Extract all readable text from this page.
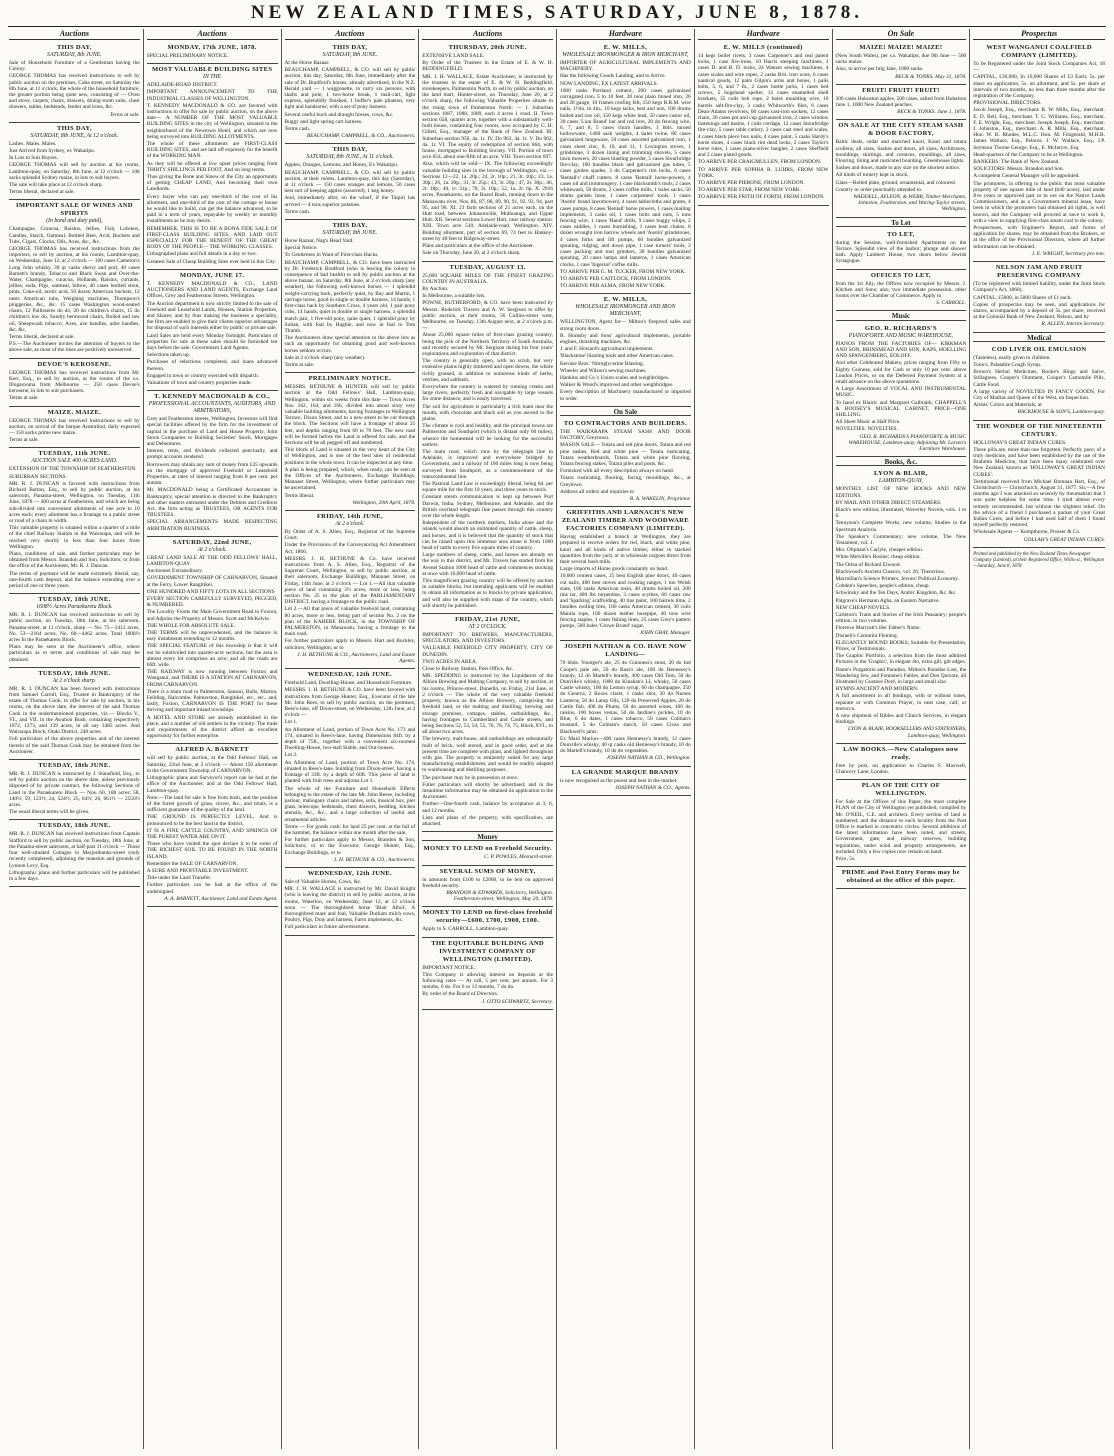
NEW ZEALAND TIMES, SATURDAY, JUNE 8, 1878.
Auctions
THIS DAY,
SATURDAY, 8th JUNE.

Sale of Household Furniture of a Gentleman having the Colony.

GEORGE THOMAS has received instructions to sell by public auction on the premises, Cuba street, on Saturday the 8th June, at 11 o'clock, the whole of the household furniture, the greater portion being quite new, consisting of — Oven and stove, carpets, chairs, drawers, dining-room suite, chest drawers, tables, bedsteads, fender and irons, &c.

Terms at sale.

THIS DAY,
SATURDAY, 8th JUNE, At 12 o'clock.

Ladies. Males. Males.

Just Arrived from Sydney, ex Wakatipu.

In Lots to Suit Buyers.

GEORGE THOMAS will sell by auction at his rooms, Lambton-quay, on Saturday, 8th June, at 12 o'clock — 108 sacks splendid Sydney maize, in lots to suit buyers.

The sale will take place at 12 o'clock sharp.

Terms liberal, declared at sale.

IMPORTANT SALE OF WINES AND SPIRITS
(In bond and duty paid),

Champagne, Curacoa, Raisins, Jellies, Fish, Lobsters, Candles, Starch, Oatmeal, Bottled Beer, Acid, Buckets and Tubs, Cigars, Clocks, Oils, Axes, &c., &c.

GEORGE THOMAS has received instructions from the importers, to sell by auction, at his rooms, Lambton-quay, on Wednesday, June 12, at 2 o'clock — 100 cases Cameron's Long John whisky, 30 qr casks sherry and port, 40 cases Barnett's brandy, Tobacco and Black Swan and Over-the-Water, Champagne, curacoa, Hollands, Raisins, currants, jellies, soda, Pigs, oatmeal, biltow, 40 cases bottled stout, pints, Coke-oil, acetic acid, 50 dozen American buckets, 12 nests American tubs, Weighing machines, Thompson's pinggeries, &c., &c. 15 cases Washington wood-seated chairs, 12 Pallisseres do do, 20 do children's chairs, 15 do children's low do, Sundry bentwood chairs, Boiled and raw oil, Sheepwash tobacco, Axes, axe handles, adze handles, &c. &c.

Terms liberal, declared at sale.

P.S.—The Auctioneer invites the attention of buyers to the above sale, as most of the lines are positively unreserved.

DEVOE'S KEROSENE.

GEORGE THOMAS has received instructions from Mr. Kerr, Esq., to sell by auction, at the rooms of the s.s. Illogarooma from Melbourne — 250 cases Devoe's kerosene, in lots to suit purchasers.

Terms at sale.

MAIZE. MAIZE.

GEORGE THOMAS has received instructions to sell by auction, on arrival of the barque Australind, daily expected — 150 sacks prime new maize.

Terms at sale.

TUESDAY, 11th JUNE.
AUCTION SALE 400 ACRES LAND.

EXTENSION OF THE TOWNSHIP OF FEATHERSTON.

SUBURBAN SECTIONS.

MR. R. J. DUNCAN is favored with instructions from Richard Barton, Esq., to sell by public auction, at his saleroom, Panama-street, Wellington, on Tuesday, 11th June, 1878 — 400 acres at Featherston, and which are being sub-divided into convenient allotments of one acre to 10 acres each; every allotment has a frontage to a public street or road of a chain in width.

This valuable property is situated within a quarter of a mile of the chief Railway Station in the Wairarapa, and will be reached very shortly in less than four hours from Wellington.

Plans, conditions of sale, and further particulars may be obtained from Messrs. Brandon and Son, Solicitors; or from the office of the Auctioneer, Mr. R. J. Duncan.

The terms of payment will be made extremely liberal, say, one-fourth cash deposit, and the balance extending over a period of one or three years.

TUESDAY, 18th JUNE.
1608½ Acres Paraekaretu Block.

MR. R. J. DUNCAN has received instructions to sell by public auction, on Tuesday, 18th June, at his saleroom, Panama-street, at 11 o'clock, sharp — No. 75—3412 acres, No. 53—2164 acres, No. 60—4462 acres. Total 1608½ acres In the Paraekaretu Block.

Plans may be seen at the Auctioneer's office, where particulars as to terms and conditions of sale may be obtained.

TUESDAY, 18th JUNE.
At 2 o'clock sharp.

MR. R. J. DUNCAN has been favored with instructions from Samuel Carroll, Esq., Trustee in Bankruptcy of the estate of Thomas Cook, to offer for sale by auction, in his rooms, on the above date, the interest of the said Thomas Cook in the undermentioned properties, viz.— Blocks V., VI., and VII. in the Awahou Bush, containing respectively 1072, 1273, and 139 acres, in all say 1485 acres. And Wairarapa Block, Otaki District, 240 acres.

Full particulars of the above properties and of the interest therein of the said Thomas Cook may be obtained from the Auctioneer.

TUESDAY, 18th JUNE.

MR. R. J. DUNCAN is instructed by J. Stansfield, Esq., to sell by public auction on the above date, unless previously disposed of by private contract, the following Sections of Land in the Paraekaretu Block — Nos. 60, 188 acres; 58, 140½; 59, 123½; 24, 524½; 25, 64½; 26, 661½ — 2550½ acres.

The usual liberal terms will be given.

TUESDAY, 18th JUNE.

MR. R. J. DUNCAN has received instructions from Captain Stafford to sell by public auction, on Tuesday, 18th June, at the Panama-street saleroom, at half-past 11 o'clock — Those four well-situated Cottages in Marjoribanks-street (only recently completed), adjoining the mansion and grounds of Lynnon Levy, Esq.

Lithographic plans and further particulars will be published in a few days.

Auctions
MONDAY, 17th JUNE, 1878.

SPECIAL PRELIMINARY NOTICE.

MOST VALUABLE BUILDING SITES
IN THE

ADELAIDE-ROAD DISTRICT.

IMPORTANT ANNOUNCEMENT TO THE INDUSTRIAL CLASSES OF WELLINGTON.

T. KENNEDY MACDONALD & CO. are favored with instructions to offer for sale by public auction, on the above date— A NUMBER OF THE MOST VALUABLE BUILDING SITES in the city of Wellington, situated in the neighborhood of the Newtown Hotel, and which are now being surveyed into BUILDING ALLOTMENTS.

The whole of these allotments are FIRST-CLASS BUILDING SITES, and are laid off expressly for the benefit of the WORKING MAN.

As they will be offered at low upset prices ranging from THIRTY SHILLINGS PER FOOT, And on long terms.

Thus giving the Bone and Sinew of the City an opportunity of getting CHEAP LAND, And becoming their own Landlords.

Every buyer who can pay one-third of the cost of his allotment, and one-third of the cost of the cottage or house he would like to build, can get the balance advanced, to be paid in a term of years, repayable by weekly or monthly installments as he may desire.

REMEMBER, THIS IS TO BE A BONA FIDE SALE OF FIRST-CLASS BUILDING SITES, AND LAID OUT ESPECIALLY FOR THE BENEFIT OF THE GREAT BODY OF THE PEOPLE— THE WORKING CLASSES.

Lithographed plans and full details in a day or two.

Greatest Sale of Cheap Building Sites ever held in this City.

MONDAY, JUNE 17.

T. KENNEDY MACDONALD & CO., LAND AUCTIONEERS AND LAND AGENTS, Exchange Land Offices, Grey and Featherston Streets, Wellington.

The Auction department is now strictly limited to the sale of Freehold and Leasehold Lands, Houses, Station Properties, and Shares; and by thus making the business a speciality, the firm are enabled to give their clients superior advantages for disposal of such interests either by public or private sale.

Land Sales are held every Monday fortnight. Particulars of properties for sale at these sales should be furnished ten days before the sale. Government Land Agents.

Selections taken up.

Purchases of selections completed, and loans advanced thereon.

Engaged in town or country executed with dispatch.

Valuations of town and country properties made.

T. KENNEDY MACDONALD & CO.,
PROFESSIONAL ACCOUNTANTS, AUDITORS, AND ARBITRATORS,

Grey and Featherston streets, Wellington. Investors will find special facilities offered by the firm for the investment of capital in the purchase of Land and House Property, Joint Stock Companies or Building Societies' Stock, Mortgages and Debentures.

Interest, rents, and dividends collected punctually, and prompt accounts rendered.

Borrowers may obtain any sum of money from £25 upwards on the mortgage of approved Freehold or Leasehold Properties, at rates of interest ranging from 8 per cent. per annum.

Mr. MACDONALD being a Certificated Accountant in Bankruptcy, special attention is directed to the Bankruptcy and other matters entrusted under the Debtors and Creditors Act, the firm acting as TRUSTEES, OR AGENTS FOR TRUSTEES.

SPECIAL ARRANGEMENTS MADE RESPECTING ARBITRATION BUSINESS.

SATURDAY, 22nd JUNE,
At 2 o'clock.

GREAT LAND SALE AT THE ODD FELLOWS' HALL, LAMBTON-QUAY.

Auctioneer Extraordinary.

GOVERNMENT TOWNSHIP OF CARNARVON, Situated at the Ferry, Lower Rangitikei.

ONE HUNDRED AND FIFTY LOTS IN ALL SECTIONS

EVERY SECTION CAREFULLY SURVEYED, PEGGED, & NUMBERED.

The Locality Fronts the Main Government Road to Foxton, and Adjoins the Property of Messrs. Scott and McKelvie.

THE WHOLE FOR ABSOLUTE SALE.

THE TERMS will be unprecedented, and the balance in easy instalments extending to 12 months.

THE SPECIAL FEATURE of this township is that it will not be subdivided into quarter-acre sections, but the area is almost every lot comprises an acre; and all the roads are 66ft. wide.

THE RAILWAY is now running between Foxton and Wanganui, and THERE IS A STATION AT CARNARVON, FROM CARNARVON.

There is a main road to Palmerston, Sanson, Bulls, Marton, Feilding, Halcombe, Palmerston, Rangitikei, etc., etc., and, lastly, Foxton, CARNARVON IS THE PORT for these thriving and important inland townships.

A HOTEL AND STORE are already established in the place, and a number of old settlers in the vicinity. The trade and requirements of the district afford an excellent opportunity for further enterprise.

ALFRED A. BARNETT

will sell by public auction, at the Odd Fellows' Hall, on Saturday, 22nd June, at 2 o'clock — About 150 allotments in the Government Township of CARNARVON.

Lithographic plans and Surveyor's report can be had at the office of the Auctioneer, and at the Odd Fellows' Hall, Lambton-quay.

Note.—The land for sale is free from bush, and the position of the forest growth of grass, clover, &c., and totals, is a sufficient guarantee of the quality of the land.

THE GROUND IS PERFECTLY LEVEL, And is pronounced to be the best land in the district.

IT IS A FINE CATTLE COUNTRY, AND SPRINGS OF THE PUREST WATER ARE ON IT.

Those who have visited the spot declare it to be some of THE RICHEST SOIL TO BE FOUND IN THE NORTH ISLAND.

Remember the SALE OF CARNARVON.

A SURE AND PROFITABLE INVESTMENT.

Title under the Land Transfer.

Further particulars can be had at the office of the undersigned.

A. A. BARNETT, Auctioneer, Land and Estate Agent.

Auctions
THIS DAY,
SATURDAY, 8th JUNE.

At the Horse Bazaar.

BEAUCHAMP, CAMPBELL, & CO. will sell by public auction, this day, Saturday, 8th June, immediately after the sale of Dr. Bradford's horses, already advertised, in the N.Z. Herald yard — 1 waggonette, to carry six persons, with shafts and pole, 1 two-horse break, 1 mail-cart, light express, splendidly finished, 1 buffer's pale phaeton, very light and handsome, with a set of pony harness.

Several useful buck and draught horses, cows, &c.

Buggy and light spring cart harness.

Terms cash.

BEAUCHAMP, CAMPBELL, & CO., Auctioneers.

THIS DAY,
SATURDAY, 8th JUNE, At 11 o'clock.

Apples, Oranges, Lemons, and Honey, Ex Wakatipu.

BEAUCHAMP, CAMPBELL, & CO. will sell by public auction, at their rooms, Lambton-quay, this day (Saturday), at 11 o'clock — 150 cases oranges and lemons, 50 cases best sort of keeping apples (assorted), 1 keg honey.

And, immediately after, on the wharf, if the Taipiri has arrived — 4 tons superior potatoes.

Terms cash.

THIS DAY,
SATURDAY, 8th JUNE.

Horse Bazaar, Nag's Head Yard.

Special Notice.

To Gentlemen in Want of First-class Hacks.

BEAUCHAMP, CAMPBELL, & CO. have been instructed by Dr. Frederick Bradford (who is leaving the colony in consequence of bad health) to sell by public auction at the above bazaar, on Saturday, 8th June, at 2 o'clock sharp (any weather), the following well-known horses — 1 splendid weight-carrying hack, perfectly quiet, by Bay and Martin, 1 carriage horse, good in single or double harness, 14 hands, 1 first-class hack by Southern Cross, 4 years old, 1 pair pony cobs, 14 hands, quiet in double or single harness, a splendid match pair, 1 five-old pony, quite quiet, 1 splendid pony by Sultan, with foal by Hughie, and now in foal to Tom Thumb.

The Auctioneers draw special attention to the above lots as such an opportunity for obtaining good and well-known horses seldom occurs.

Sale at 2 o'clock sharp (any weather).

Terms at sale.

PRELIMINARY NOTICE.

MESSRS. BETHUNE & HUNTER will sell by public auction at the Odd Fellows' Hall, Lambton-quay, Wellington, within six weeks from this date — Town Acres Nos. 162, 164, and 166, divided into about sixty very valuable building allotments, having frontages to Wellington Terrace, Dixon Street, and to a new street to be cut through the block. The Sections will have a frontage of about 25 feet, and depths ranging from 60 to 70 feet. The new road will be formed before the Land is offered for sale, and the Sections will be all pegged off and numbered.

This block of Land is situated in the very heart of the City of Wellington, and is one of the best sites of residential positions in the whole town. It can be inspected at any time.

A plan is being prepared, which, when ready, can be seen at the Offices of the Auctioneers, Exchange Buildings, Mannaer Street, Wellington, where further particulars may be ascertained.

Terms liberal.

Wellington, 20th April, 1878.

FRIDAY, 14th JUNE,
At 2 o'clock.

By Order of A. S. Allen, Esq., Registrar of the Supreme Court.

Under the Provisions of the Conveyancing Act Amendment Act, 1866.

MESSRS. J. H. BETHUNE & Co. have received instructions from A. S. Allen, Esq., Registrar of the Supreme Court, Wellington, to sell by public auction, at their saleroom, Exchange Buildings, Mannaer Street, on Friday, 14th June, at 2 o'clock — Lot 1.—All that valuable piece of land containing 3½ acres, more or less, being section No. 25 in the plan of the PARLIAMENTARY DISTRICT, having a frontage to the public road.

Lot 2.—All that piece of valuable freehold land, containing 80 acres, more or less, being part of section No. 2 on the plan of the KAHERE BLOCK, in the TOWNSHIP OF PALMERSTON, in Manawatu, having a frontage to the main road.

For further particulars apply to Messrs. Hart and Buckley, solicitors, Wellington; or to

J. H. BETHUNE & CO., Auctioneers, Land and Estate Agents.

WEDNESDAY, 12th JUNE.

Freehold Land, Dwelling-House, and Household Furniture.

MESSRS. J. H. BETHUNE & CO. have been favored with instructions from George Hunter, Esq., Executor of the late Mr. John Rees, to sell by public auction, on the premises, Rees's-lane, off Dixon-street, on Wednesday, 12th June, at 2 o'clock —

Lot 1.

An Allotment of Land, portion of Town Acre No. 173 and 174, situated in Rees's-lane, having Dimensions 84ft. by a depth of 75ft., together with a convenient six-roomed Dwelling-House, two-stall Stable, and Out-houses.

Lot 2.

An Allotment of Land, portion of Town Acre No. 174, situated in Rees's-lane, building from Dixon-street, having a frontage of 33ft. by a depth of 60ft. This piece of land is planted with fruit trees and adjoins Lot 1.

The whole of the Furniture and Household Effects belonging to the estate of the late Mr. John Reese, including parlour, mahogany chairs and tables, sofa, musical box, pier glass, telescope, bedsteads, chest drawers, bedding, kitchen utensils, &c., &c., and a large collection of useful and ornamental articles.

Terms — For goods cash; for land 25 per cent. at the fall of the hammer, the balance within one month after the sale.

For further particulars apply to Messrs. Brandon & Son, Solicitors; or to the Executor, George Hunter, Esq., Exchange Buildings, or to

J. H. BETHUNE & CO., Auctioneers.

WEDNESDAY, 12th JUNE.

Sale of Valuable Horses, Cows, &c.

MR. J. H. WALLACE is instructed by Mr. David Knight (who is leaving the district) to sell by public auction, at his rooms, Waterloo, on Wednesday, June 12, at 12 o'clock noon — The thoroughbred horse 'Blair Athol', A thoroughbred mare and foal, Valuable Durham milch cows, Poultry, Pigs, Dray and harness, Farm implements, &c.

Full particulars in future advertisement.

Auctions
THURSDAY, 20th JUNE.

EXTENSIVE LAND SALE.

By Order of the Trustees in the Estate of E. & W. H. BEDDINGFIELD.

MR. J. H. WALLACE, Estate Auctioneer, is instructed by the trustees in the estate of E. & W. H. Beddingfield, storekeepers, Palmerston North, to sell by public auction, on the land mart, Hunter-street, on Thursday, June 20, at 2 o'clock sharp, the following Valuable Properties situate in the rising town of Palmerston North: — I. Suburban sections 1087, 1088, 1089, each 4 acres 1 rood. II. Town section 658, quarter acre, together with a substantially well-built house, containing four rooms, now occupied by C. H. Gillett, Esq., manager of the Bank of New Zealand. III. Suburban section 950, 4a. 1r. IV. Do 963, 4a. 1r. V. Do 962, 4a. 1r. VI. The equity of redemption of section 664, with house, mortgaged to Building Society. VII. Portion of town acre 654, about one-fifth of an acre. VIII. Town section 697.

Also, which will be sold— IX. The following exceedingly valuable building sites in the borough of Wellington, viz.— Sections 12—22, 1a. 20p.; 24, 2r. 10p.; 21, 3r. 10p.; 23, 1a. 30p.; 26, 1a. 20p.; 31, 3r. 25p.; 43, 3r. 20p.; 47, 2r. 36p.; 46, 2r. 18p.; 40, 1r. 31p.; 70, 3r. 10p.; 52, 1a. 2r. 6p. X. 2916 acres, Paraekaretu, on the Board Bush, running down to the Manawatu river, Nos. 86, 87, 88, 89, 90, 91, 92, 93, 94, part 95, and 96. XI. 23 farm sections of 21 acres each, on the Hutt road, between Johnsonville, Mulhuanga, and Upper Hutt. XII. Several sections Lower Hutt, near railway station. XIII. Town acre 510, Adelaide-road, Wellington. XIV. Building allotment, part of section 69, 74 feet to Hankey-street by 40 feet to Ridgeway-street.

Plans and particulars at the office of the Auctioneer.

Sale on Thursday, June 20, at 2 o'clock sharp.

TUESDAY, AUGUST 13.

25,000 SQUARE MILES OF THE FINEST GRAZING COUNTRY IN AUSTRALIA.

By Auction.

In Melbourne, a suitable lots.

POWNE, RUTHERFORD, & CO. have been instructed by Messrs. Roderick Travers and A. W. Sergison to offer by public auction, at their rooms, 56 Collins-street west, Melbourne, on Tuesday, 13th August next, at 2 o'clock p.m.—

About 25,000 square miles of first-class grazing country, being the pick of the Northern Territory of South Australia, and recently secured by Mr. Sergison during his four years' explorations and exploration of that district.

The country is generally open, with no scrub, but very extensive plains highly timbered and open downs, the whole richly grassed, in addition to numerous kinds of herbs, vetches, and saltbush.

Everywhere the country is watered by running creeks and large rivers, perfectly fresh and navigable by large vessels for some distance, and is easily traversed.

The soil for agriculture is particularly a rich loam near the mouth, with chocolate and black soil as you ascend to the plains.

The climate is cool and healthy, and the principal towns are Palmerston and Southport (which is distant only 60 miles), whence the homestead will be looking for the successful settlers.

The main road, which runs by the telegraph line to Adelaide, is improved and everywhere bridged by Government, and a railway of 100 miles long is now being surveyed from Southport, as a commencement of the transcontinental line.

The Pastoral Land Law is exceedingly liberal, being 6d. per square mile for the first 10 years, and three years to stock.

Constant steam communication is kept up between Port Darwin, India, Sydney, Melbourne, and Adelaide, and the British overland telegraph line passes through this country over the whole length.

Independent of the northern markets, India alone and the islands would absorb an unlimited quantity of cattle, sheep, and horses, and it is believed that the quantity of stock that can be raised upon this immense area alone is from 1000 head of cattle to every five square miles of country.

Large numbers of sheep, cattle, and horses are already on the way to this district, and Mr. Travers has started from his Avenel Station 1000 head of cattle and commences stocking at once with 10,000 head of cattle.

This magnificent grazing country will be offered by auction in suitable blocks, but intending applicants will be enabled to obtain all information as to blocks by private application, and will also be supplied with maps of the country, which will shortly be published.

FRIDAY, 21st JUNE,
AT 2 O'CLOCK.

IMPORTANT TO BREWERS, MANUFACTURERS, SPECULATORS, AND INVESTORS.

VALUABLE FREEHOLD CITY PROPERTY, CITY OF DUNEDIN.

TWO ACRES IN AREA.

Close to Railway Station, Post Office, &c.

MR. SPEDDING is instructed by the Liquidators of the Albion Brewing and Malting Company, to sell by auction, at his rooms, Princes-street, Dunedin, on Friday, 21st June, at 2 o'clock — The whole of the very valuable freehold property, known as the Albion Brewery, comprising the freehold land, or the malting and distilling, brewing and storage premises, cottages, stables, outbuildings, &c., having frontages to Cumberland and Castle streets, and being Sections 52, 53, 54, 55, 76, 78, 74, 75, Block XVI., in all about two acres.

The brewery, malt-house, and outbuildings are substantially built of brick, well stored, and in good order, and at the present time are complete with plant, and lighted throughout with gas. The property is eminently suited for any large manufacturing establishment, and would be readily adapted to warehousing and distilling purposes.

The purchaser may be in possession at once.

Fuller particulars will shortly be advertised; and in the meantime information may be obtained on application to the Auctioneer.

Further—One-fourth cash, balance by acceptance at 3, 6, and 12 months.

Lists and plans of the property, with specification, are attached.

Money
MONEY TO LEND on Freehold Security.

C. P. POWLES, Mesnard-street.

SEVERAL SUMS OF MONEY,

in amounts from £100 to £2000, to be lent on approved freehold security.

BRANDON & EDWARDS, Solicitors, Wellington. Featherston-street, Wellington, May 20, 1878.

MONEY TO LEND on first-class freehold security—£600, £700, £900, £100.

Apply to S. CARROLL, Lambton-quay.

THE EQUITABLE BUILDING AND INVESTMENT COMPANY OF WELLINGTON (LIMITED).

IMPORTANT NOTICE.

This Company is allowing interest on deposits at the following rates — At call, 5 per cent. per annum. For 3 months, 6 do. For 6 or 12 months, 7 do do.

By order of the Board of Directors.

J. OTTO SCHWARTZ, Secretary.

Hardware
E. W. MILLS,
WHOLESALE IRONMONGER & IRON MERCHANT,

IMPORTER OF AGRICULTURAL IMPLEMENTS AND MACHINERY.

Has the following Goods Landing, and to Arrive.

NOW LANDING, EX LATEST ARRIVALS.

1000 casks Portland cement, 200 cases galvanized corrugated iron, 5 to 10 feet, 20 tons plain tinned iron, 26 and 28 gauge, 10 frames roofing felt, 150 kegs B.R.M. wire nails, 1½in. to 4in., 10 kegs tacks, best and non, 100 drums boiled and raw oil, 150 kegs white lead, 50 cases castor oil, 30 cases 'Lion Brand' bar and rod iron, 20 do fencing wire, 6, 7, and 8, 5 cases churn handles, 1 bbls. turned hollowware, 1400 sash weights, 4 bales twine, 80 cases galvanized hingeware, 50 cases assorted galvanized iron, 1 cases sheet zinc, 8, 10, and 11, 1 Lexington stoves, 1 grindstone, 3 dozen lining and trimming shovels, 5 cases lawn mowers, 20 cases blasting powder, 5 cases Stourbridge fire-clay, 100 bundles black and galvanized gas tubes, 5 cases garden spades, 3 do Carpenter's rim locks, 6 cases 'Bentall's' chaff cutters, 8 cases 'Bentall' horse-powers, 4 cases oil and ironmongery, 1 case blacksmith's tools, 2 cases whitewash, 50 drums, 2 cases coffee mills, 1 bales sacks, 50 drums garden hose, 1 cases carpenters' tools, 1 cases 'Austin' brand lawnmowers, 4 cases tablecloths and grates, 4 cases pumps, 8 cases 'Bentall' horse powers, 1 cases mailing implements, 3 casks oil, 1 cases bolts and nuts, 5 tons fencing wire, 1 cases 'Hand' drills, 9 cases buggy whips, 2 cases saddles, 1 cases burnishing, 1 cases boat chains, 6 dozen wrought iron barrow wheels and 'Austin' grindstones, 4 cases forks and lift pumps, 60 bundles galvanized spouting, ridging, and down pipe, 1 case turners' tools, 3 cases packing and tool grinders, 30 bundles galvanized spouting, 20 cases lamps and lanterns, 1 cases American clocks, 1 case 'Ingersol' coffee mills.

TO ARRIVE PER G. M. TUCKER, FROM NEW YORK.

TO ARRIVE PER CAITLOCK, FROM LONDON.

TO ARRIVE PER ALMA, FROM NEW YORK.

E. W. MILLS,
WHOLESALE IRONMONGER AND IRON MERCHANT,

WELLINGTON, Agent for— Milton's fireproof safes and strong room doors.

R. Hornsby and Sons' agricultural implements, portable engines, thrashing machines, &c.

J. and F. Howard's agricultural implements.

'Blackstone' blasting tools and other American cases.

Keroise Bros.' Nitroglycerine Blasting.

Wheeler and Wilson's sewing machines.

Hankins and Co.'s Union scales and weighbridges.

Walker & Wood's improved and other weighbridges.

Every description of Machinery manufactured or imported to order.

On Sale
TO CONTRACTORS AND BUILDERS.

THE WAIRARAPA STEAM SASH AND DOOR FACTORY, Greytown.

MASON SALE— Totara and red pine doors, Totara and red pine sashes, Red and white pine — Totara rusticating, Totara weatherboards, Totara and white pine flooring, Totara fencing stakes, Totara piles and posts, &c.

Furnished with all every description always on hand.

Totara rusticating, flooring, facing, mouldings, &c., at Greytown.

Address all orders and inquiries to

R. A. WAKELIN, Proprietor.

GRIFFITHS AND LARNACH'S NEW ZEALAND TIMBER AND WOODWARE FACTORIES COMPANY (LIMITED).

Having established a branch at Wellington, they are prepared to receive orders for red, black, and white pine, kauri and all kinds of native timber, either in stacked quantities from the yard, or in wholesale cargoes direct from their several bush mills.

Large imports of Home goods constantly on hand.

10,000 cement cases, 25 best English pine doors, 40 cases cut nails, 400 best stoves and cooking ranges, 1 ton Welsh slate, 100 casks American resin, 40 drums boiled oil, 200 tins tar, 400 lbs turpentine, 3 cases scythes, 60 cases raw and 'Sparking' scaffolding, 40 tins paint, 100 barrels lime, 2 bundles roofing tiles, 100 casks American cement, 30 coils Manila rope, 100 dozen leather hosepipe, 40 tons wire fencing staples, 1 cases fishing lines, 25 cases Grey's pattern pumps, 500 bales 'Crown Brand' sugar.

JOHN GRAY, Manager.

JOSEPH NATHAN & CO. HAVE NOW LANDING—

70 hhds. Younger's ale, 25 do Guinness's stout, 20 do Ind Coope's pale ale, 50 do Bass's ale, 100 do Hennessy's brandy, 12 do Martell's brandy, 400 cases Old Tom, 50 do Dunville's whisky, 1000 do Kinahan's LL whisky, 50 cases Castle whisky, 100 do Lemon syrup, 60 do champagne, 250 do Geneva, 2 Boxes claret, 1 casks shot, 30 do Nurses Lanterns, 50 do Lamp Oils, 120 do Preserved Apples, 20 do Cuttle fish, 400 do Plums, 50 do assorted wines, 100 do raisins, 100 boxes vestas, 50 do Jardine's pickles, 10 do Blue, 6 do dates, 1 cases tobacco, 50 cases Colman's mustard, 5 do Colman's starch, 50 cases Cross and Blackwell's jams.

Ex Maid Marion—400 cases Hennessy's brandy, 12 cases Dunville's whisky, 40 qr casks old Hennessy's brandy, 10 do do Martell's brandy, 10 do do vegetables.

JOSEPH NATHAN & CO., Wellington.

LA GRANDE MARQUE BRANDY

is now recognised as the purest and best in the market.

JOSEPH NATHAN & CO., Agents.

Hardware
E. W. MILLS (continued)

14 kegs boiler rivets, 3 cases Carpenter's and real patent locks, 1 case fire-irons, 10 Harris steeping machines, 1 cases D. and B. D. locks, 24 Wanzer sewing machines, 4 cases scales and wire ropes, 2 casks Brit. iron ware, 6 cases nautical goods, 12 pairs Gilpin's arms and bones, 1 pails bolts, 5, 6, and 7 lb., 2 cases bottle jacks, 1 cases bed screws, 5 hogshead spelter, 12 cases enamelled shell brackets, 35 coils hob rope, 2 bales moulding wire, 10 barrels salt-fire-clay, 3 casks Whitworth's files, 6 cases Dean-Adams revolvers, 60 cases cast-iron sockets, 12 cases chain, 30 cases pot and cup galvanised iron, 2 cases window fastenings and basins, 1 coils cordage, 12 cases Stourbridge fire-clay, 5 cases table cutlery, 2 cases cast steel and scales, 4 cases black piece box nails, 4 cases paint, 5 casks Hardy's horse shoes, 4 cases black rim dead locks, 2 cases Taylor's horse rules, 1 cases piano-silver bangles, 2 cases Sheffield and 2 cases plated goods.

TO ARRIVE PER CRAIGMULLEN, FROM LONDON.

TO ARRIVE PER SOPHIA R. LUHRS, FROM NEW YORK.

TO ARRIVE PER PIERONE, FROM LONDON.

TO ARRIVE PER STAR, FROM NEW YORK.

TO ARRIVE PER FRITH OF FORTH, FROM LONDON.

On Sale
MAIZE! MAIZE! MAIZE!

(New South Wales), per s.s. Wakatipu, due 9th June — 500 sacks maize.

Also, to arrive per brig Jane, 1000 sacks.

BECK & TONKS. May 31, 1878.

FRUIT! FRUIT! FRUIT!

300 cases Hoboston apples, 500 cases, salted from Hobarton June 1, 1000 New Zealand peaches.

BECK & TONKS. June 1, 1878.

ON SALE AT THE CITY STEAM SASH & DOOR FACTORY,

Baltic deals, cedar and matched kauri, Kauri and totara scollens, all sizes, Sashes and doors, all sizes, Architraves, mouldings, skirtings, and cornices, mouldings, all sizes, Flooring, lining and rusticated boarding, Greenhouse lights.

Sashes and doors, made to any size on the shortest notice.

All kinds of turnery kept in stock.

Glass—Rolled plate, ground, ornamental, and coloured.

Country or order punctually attended to.

WADDELL, AYLEON, & WEBB, Timber Merchants, Johnston, Featherston, and Waring-Taylor streets, Wellington.

To Let
TO LET,

during the Session, well-furnished Apartments on the Terrace. Splendid view of the harbor; plunge and shower bath. Apply Lambert House, two doors below Jewish Synagogue.

OFFICES TO LET,

from the 1st July, the Offices now occupied by Messrs. J. Kitchen and Sons; also, two immediate possession, other rooms over the Chamber of Commerce. Apply to

S. CARROLL.

Music
GEO. R. RICHARDS'S
PIANOFORTE AND MUSIC WAREHOUSE,

PIANOS FROM THE FACTORIES OF— KIRKMAN AND SON, BRINSMEAD AND SON, KAPS, HOELLING AND SPANGENBERG, EOLOFF.

And other Celebrated Makers, prices ranging from Fifty to Eighty Guineas, sold for Cash or only 10 per cent. above London Prices, or on the Deferred Payment System at a small advance on the above quotations.

A Large Assortment of VOCAL AND INSTRUMENTAL MUSIC.

To hand ex Blairic and Margaret Galbraith, CHAPPELL'S & BOOSEY'S MUSICAL CABINET, PRICE—ONE SHILLING.

All Sheet Music at Half Price.

NOVELTIES. NOVELTIES.

GEO. R. RICHARDS'S PIANOFORTE & MUSIC WAREHOUSE, Lambton-quay, Adjoining Mr. Larsen's Furniture Warehouse.

Books, &c.
LYON & BLAIR,
LAMBTON-QUAY,

MONTHLY LIST OF NEW BOOKS AND NEW EDITIONS.

BY MAIL AND OTHER DIRECT STEAMERS.

Black's new edition, illustrated, Waverley Novels, vols. 1 to 6.

Tennyson's Complete Works, new volume, Studies in the Spectrum Analysis.

The Speaker's Commentary; new volume, The New Testament, vol. 1.

Mrs. Oliphant's Carlyle, cheaper edition.

White Melville's Rosine; cheap edition.

The Orlea of Richard Elwood.

Blackwood's Ancient Classics, vol. 26; Theocritus.

Macmillan's Science Primers: Jevons' Political Economy.

Cobden's Speeches, people's edition, cheap.

Schwinsky and the Ten Days, Arabic Kingdom, &c. &c.

Palgrave's Hermann Agha, an Eastern Narrative.

NEW CHEAP NOVELS.

Carleton's Traits and Stories of the Irish Peasantry; people's edition, in two volumes.

Florence Marryatt's Her Father's Name.

Disraeli's Contarini Fleming.

ELEGANTLY BOUND BOOKS, Suitable for Presentation, Prizes, or Testimonials.

The Graphic Portfolio, a selection from the most admired Pictures in the 'Graphic', in elegant 4to, extra gilt, gilt edges.

Dante's Purgatorio and Paradiso, Milton's Paradise Lost, the Wandering Jew, and Fontaine's Fables, and Don Quixote, all illustrated by Gustave Doré, in large and small size.

HYMNS ANCIENT AND MODERN.

A full assortment in all bindings, with or without tunes, separate or with Common Prayer, in neat case, calf, or morocco.

A new shipment of Bibles and Church Services, in elegant bindings.

LYON & BLAIR, BOOKSELLERS AND STATIONERS, Lambton-quay, Wellington.

LAW BOOKS.—New Catalogues now ready.

Free by post, on application to Charles F. Maxwell, Chancery Lane, London.

PLAN OF THE CITY OF WELLINGTON.

For Sale at the Offices of this Paper, the most complete PLAN of the City of Wellington yet published, compiled by Mr. O'NEIL, C.E. and architect. Every section of land is numbered, and the distance to each locality from the Post Office is marked in concentric circles. Several additions of the latest information have been noted, and streets, Government, gate, and railway reserves, building regulations, under wind and property arrangements, are included. Only a few copies now remain on hand.

Price, 5s.

PRIME and Post Entry Forms may be obtained at the office of this paper.
Prospectus
WEST WANGANUI COALFIELD COMPANY (LIMITED).

To be Registered under the Joint Stock Companies Act, 18—.

CAPITAL, £30,000, In 10,000 Shares of £3 Each; 5s. per share on application, 5s. on allotment, and 5s. per share at intervals of two months, no less than three months after the registration of the Company.

PROVISIONAL DIRECTORS.

Jacob Joseph, Esq., merchant. R. W. Mills, Esq., merchant. E. D. Bell, Esq., merchant. T. C. Williams, Esq., merchant. F. E. Wright, Esq., merchant. Joseph Joseph, Esq., merchant. J. Johnston, Esq., merchant. A. R. Mills, Esq., merchant. Hon. W. B. Rhodes, M.L.C. Hon. M. Fitzgerald, M.H.R. James Wallace, Esq., Pelorus. J. W. Wallace, Esq., J.P. Seymour Thorne George, Esq., E. McIntyre, Esq.

Head-quarters of the Company to be at Wellington.

BANKERS: The Bank of New Zealand.

SOLICITORS: Messrs. Brandon and Son.

A competent General Manager will be appointed.

The promoters, in offering to the public this most valuable property of one square mile of land (640 acres), laid under five years or approved part or in ore on the Native Lands Commissioners, and as a Government mineral lease, have been in which the promoters had obtained all rights, is well known, and the Company will proceed at once to work it, with a view to supplying first-class steam coal to the colony.

Prospectuses, with Engineer's Report, and forms of application for shares, may be obtained from the Brokers, or at the office of the Provisional Directors, where all further information can be obtained.

J. E. WRIGHT, Secretary pro tem.

NELSON JAM AND FRUIT PRESERVING COMPANY

(To be registered with limited liability, under the Joint Stock Company's Act, 1860).

CAPITAL, £5000, in 5000 Shares of £1 each.

Copies of prospectus may be seen, and applications for shares, accompanied by a deposit of 5s. per share, received at the Colonial Bank of New Zealand, Nelson, and by

R. ALLEN, Interim Secretary.

Medical
COD LIVER OIL EMULSION

(Tasteless), easily given to children.

Tonics, Palatable Cough Syrup.

Brown's Herbal Medicines, Rooke's Rings and Salve, Stillagrees, Cooper's Ointment, Cooper's Camomile Pills, Cattle Food.

A large variety of NOVELTIES IN FANCY GOODS, For City of Madras and Queen of the West, on Inspection.

Artists' Colors and Materials, at

BACKHOUSE & SON'S, Lambton-quay.

THE WONDER OF THE NINETEENTH CENTURY.

HOLLOWAY'S GREAT INDIAN CURES.

These pills are, more than one forgotten, Perfectly pure; of a truly medicine, and have been established by the use of the Brahmin Medicine, that have been many celebrated over New Zealand, known as 'HOLLOWAY'S GREAT INDIAN CURES'.

Testimonial received from Michael Brennan Hart, Esq., of Christchurch — Christchurch, August 31, 1877. Sir,—A few months ago I was attacked so severely by rheumatism that I was quite helpless for some time. I tried almost every remedy recommended, but without the slightest relief. On the advice of a friend I purchased a packet of your Great Indian Cures, and before I had used half of them I found myself perfectly restored.

Wholesale Agents — Kempthorne, Prosser & Co.

GOLLAH'S GREAT INDIAN CURES.

Printed and published by the New Zealand Times Newspaper Company (Limited), at their Registered Office, Willis-st., Wellington—Saturday, June 8, 1878.
